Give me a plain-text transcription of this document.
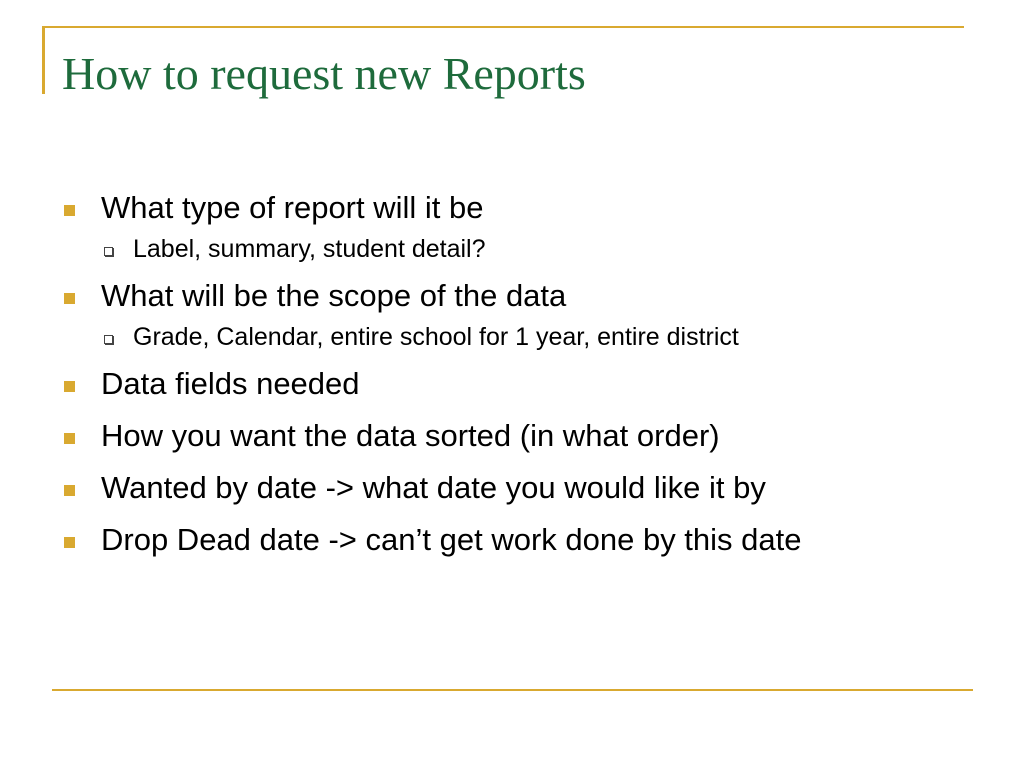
How to request new Reports
What type of report will it be
Label, summary, student detail?
What will be the scope of the data
Grade, Calendar, entire school for 1 year, entire district
Data fields needed
How you want the data sorted (in what order)
Wanted by date -> what date you would like it by
Drop Dead date -> can’t get work done by this date
